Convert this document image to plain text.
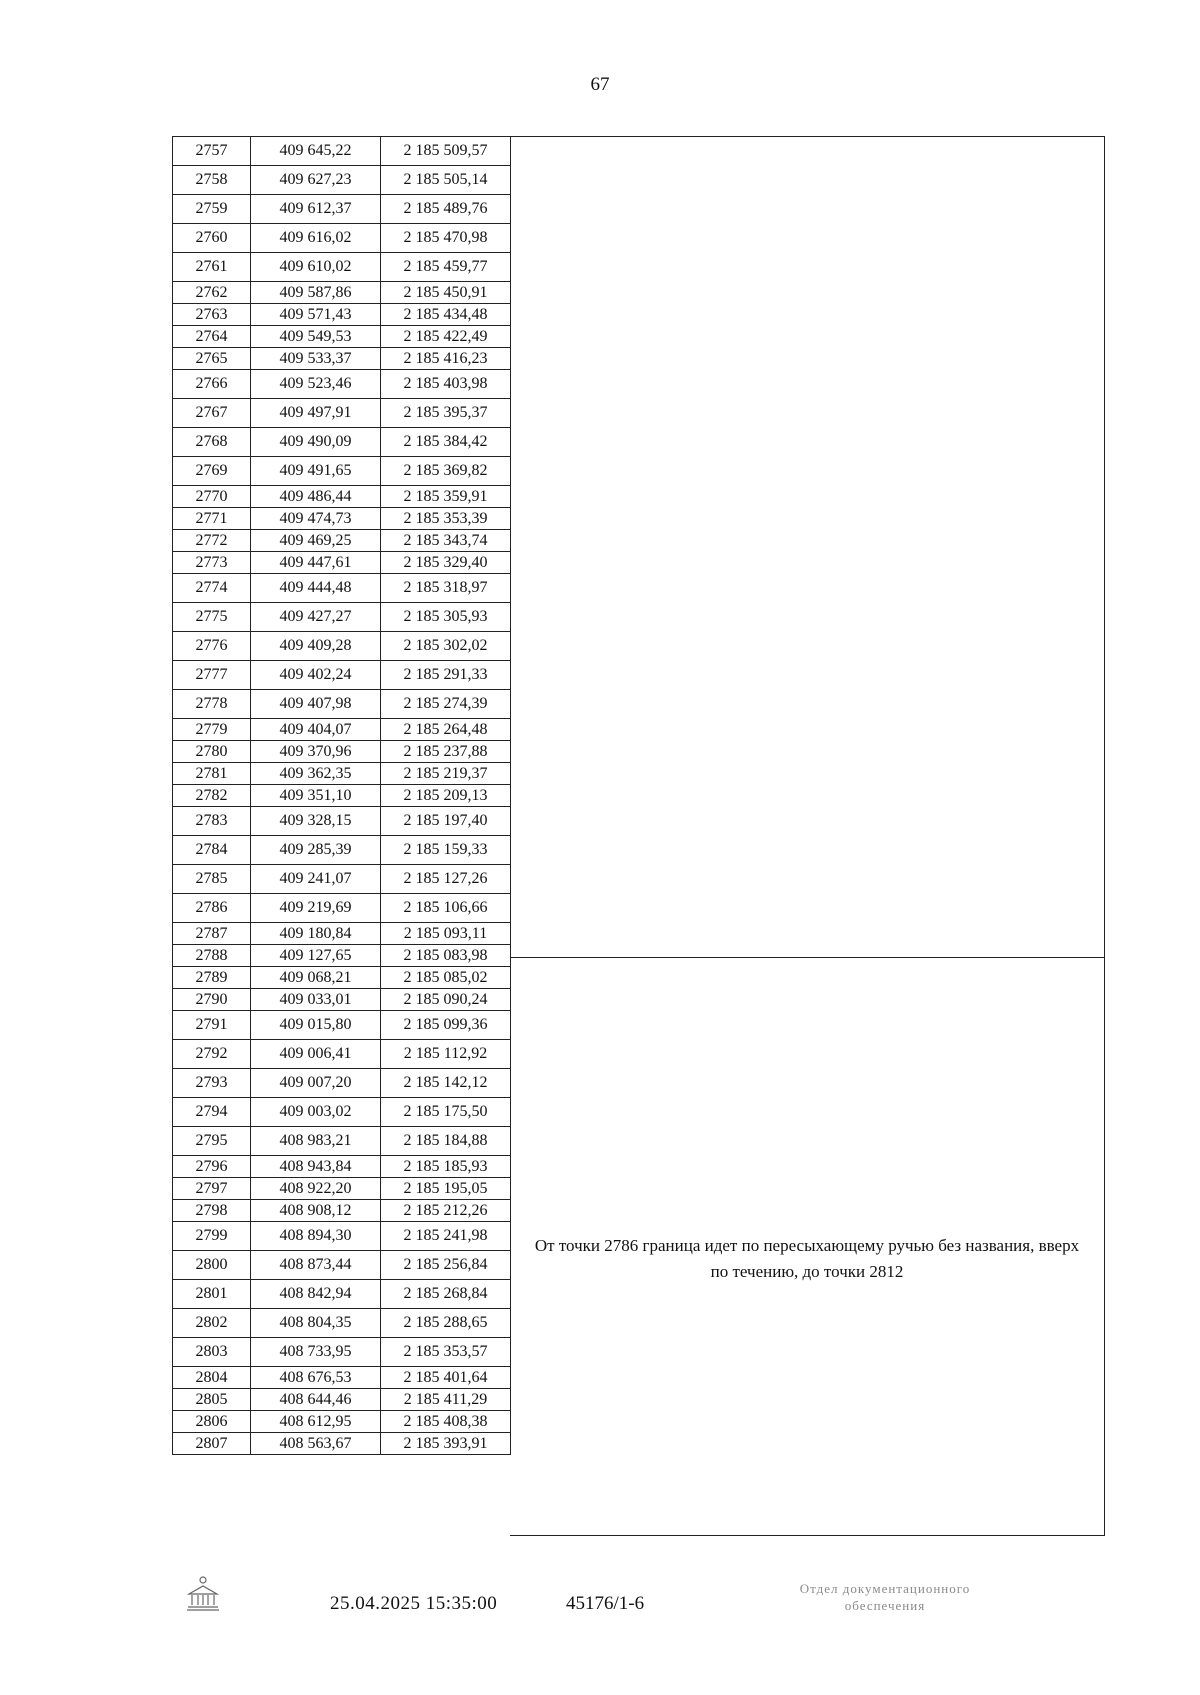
67
2757	409 645,22	2 185 509,57
2758	409 627,23	2 185 505,14
2759	409 612,37	2 185 489,76
2760	409 616,02	2 185 470,98
2761	409 610,02	2 185 459,77
2762	409 587,86	2 185 450,91
2763	409 571,43	2 185 434,48
2764	409 549,53	2 185 422,49
2765	409 533,37	2 185 416,23
2766	409 523,46	2 185 403,98
2767	409 497,91	2 185 395,37
2768	409 490,09	2 185 384,42
2769	409 491,65	2 185 369,82
2770	409 486,44	2 185 359,91
2771	409 474,73	2 185 353,39
2772	409 469,25	2 185 343,74
2773	409 447,61	2 185 329,40
2774	409 444,48	2 185 318,97
2775	409 427,27	2 185 305,93
2776	409 409,28	2 185 302,02
2777	409 402,24	2 185 291,33
2778	409 407,98	2 185 274,39
2779	409 404,07	2 185 264,48
2780	409 370,96	2 185 237,88
2781	409 362,35	2 185 219,37
2782	409 351,10	2 185 209,13
2783	409 328,15	2 185 197,40
2784	409 285,39	2 185 159,33
2785	409 241,07	2 185 127,26
2786	409 219,69	2 185 106,66
2787	409 180,84	2 185 093,11
2788	409 127,65	2 185 083,98
2789	409 068,21	2 185 085,02
2790	409 033,01	2 185 090,24
2791	409 015,80	2 185 099,36
2792	409 006,41	2 185 112,92
2793	409 007,20	2 185 142,12
2794	409 003,02	2 185 175,50
2795	408 983,21	2 185 184,88
2796	408 943,84	2 185 185,93
2797	408 922,20	2 185 195,05
2798	408 908,12	2 185 212,26
2799	408 894,30	2 185 241,98
2800	408 873,44	2 185 256,84
2801	408 842,94	2 185 268,84
2802	408 804,35	2 185 288,65
2803	408 733,95	2 185 353,57
2804	408 676,53	2 185 401,64
2805	408 644,46	2 185 411,29
2806	408 612,95	2 185 408,38
2807	408 563,67	2 185 393,91
От точки 2786 граница идет по пересыхающему ручью без названия, вверх по течению, до точки 2812
25.04.2025 15:35:00	45176/1-6
Отдел документационного
обеспечения
